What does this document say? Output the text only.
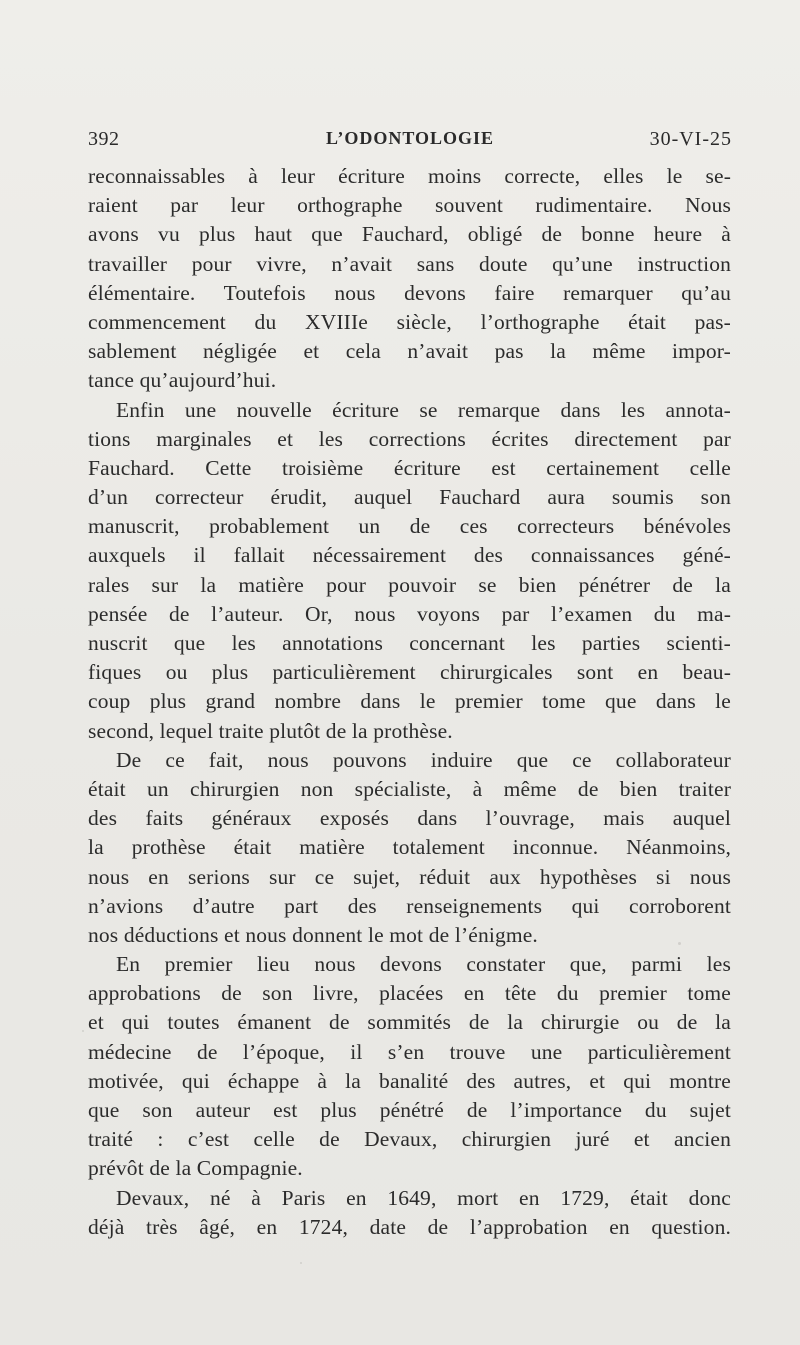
392	L’ODONTOLOGIE	30-VI-25
reconnaissables à leur écriture moins correcte, elles le se-
raient par leur orthographe souvent rudimentaire. Nous
avons vu plus haut que Fauchard, obligé de bonne heure à
travailler pour vivre, n’avait sans doute qu’une instruction
élémentaire. Toutefois nous devons faire remarquer qu’au
commencement du XVIIIe siècle, l’orthographe était pas-
sablement négligée et cela n’avait pas la même impor-
tance qu’aujourd’hui.
Enfin une nouvelle écriture se remarque dans les annota-
tions marginales et les corrections écrites directement par
Fauchard. Cette troisième écriture est certainement celle
d’un correcteur érudit, auquel Fauchard aura soumis son
manuscrit, probablement un de ces correcteurs bénévoles
auxquels il fallait nécessairement des connaissances géné-
rales sur la matière pour pouvoir se bien pénétrer de la
pensée de l’auteur. Or, nous voyons par l’examen du ma-
nuscrit que les annotations concernant les parties scienti-
fiques ou plus particulièrement chirurgicales sont en beau-
coup plus grand nombre dans le premier tome que dans le
second, lequel traite plutôt de la prothèse.
De ce fait, nous pouvons induire que ce collaborateur
était un chirurgien non spécialiste, à même de bien traiter
des faits généraux exposés dans l’ouvrage, mais auquel
la prothèse était matière totalement inconnue. Néanmoins,
nous en serions sur ce sujet, réduit aux hypothèses si nous
n’avions d’autre part des renseignements qui corroborent
nos déductions et nous donnent le mot de l’énigme.
En premier lieu nous devons constater que, parmi les
approbations de son livre, placées en tête du premier tome
et qui toutes émanent de sommités de la chirurgie ou de la
médecine de l’époque, il s’en trouve une particulièrement
motivée, qui échappe à la banalité des autres, et qui montre
que son auteur est plus pénétré de l’importance du sujet
traité : c’est celle de Devaux, chirurgien juré et ancien
prévôt de la Compagnie.
Devaux, né à Paris en 1649, mort en 1729, était donc
déjà très âgé, en 1724, date de l’approbation en question.
